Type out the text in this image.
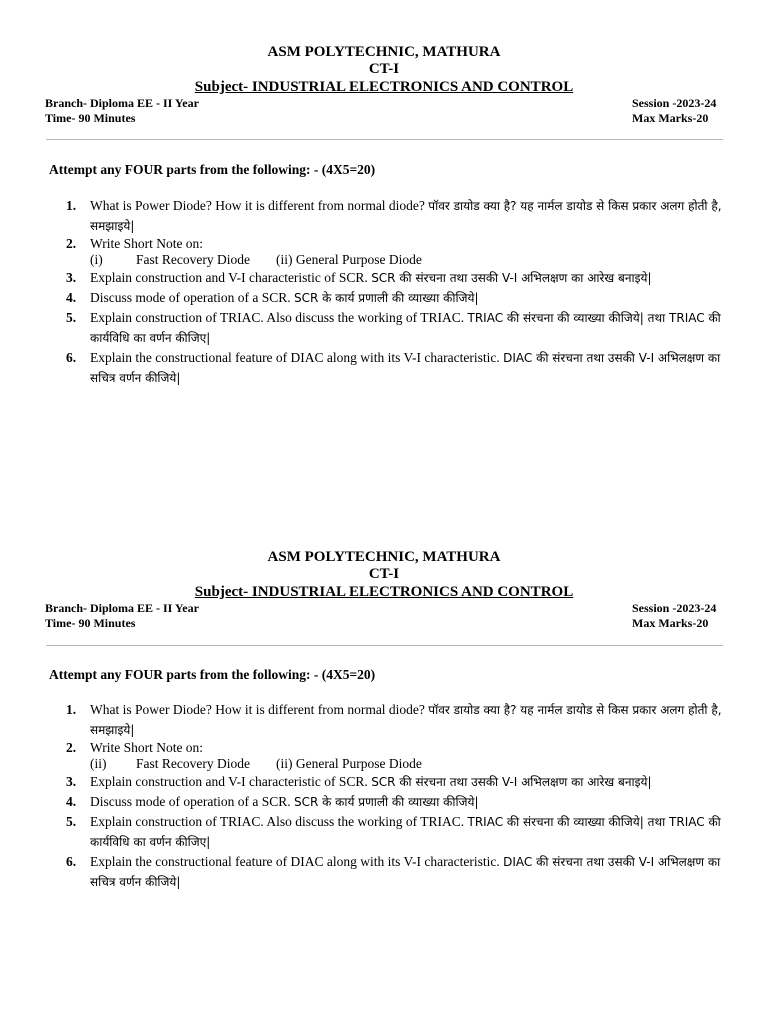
ASM POLYTECHNIC, MATHURA
CT-I
Subject- INDUSTRIAL ELECTRONICS AND CONTROL
Branch- Diploma EE - II Year	Session -2023-24
Time- 90 Minutes	Max Marks-20
Attempt any FOUR parts from the following: - (4X5=20)
1. What is Power Diode? How it is different from normal diode? पॉवर डायोड क्या है? यह नार्मल डायोड से किस प्रकार अलग होती है, समझाइये|
2. Write Short Note on:
(i) Fast Recovery Diode (ii) General Purpose Diode
3. Explain construction and V-I characteristic of SCR. SCR की संरचना तथा उसकी V-I अभिलक्षण का आरेख बनाइये|
4. Discuss mode of operation of a SCR. SCR के कार्य प्रणाली की व्याख्या कीजिये|
5. Explain construction of TRIAC. Also discuss the working of TRIAC. TRIAC की संरचना की व्याख्या कीजिये| तथा TRIAC की कार्यविधि का वर्णन कीजिए|
6. Explain the constructional feature of DIAC along with its V-I characteristic. DIAC की संरचना तथा उसकी V-I अभिलक्षण का सचित्र वर्णन कीजिये|
ASM POLYTECHNIC, MATHURA
CT-I
Subject- INDUSTRIAL ELECTRONICS AND CONTROL
Branch- Diploma EE - II Year	Session -2023-24
Time- 90 Minutes	Max Marks-20
Attempt any FOUR parts from the following: - (4X5=20)
1. What is Power Diode? How it is different from normal diode? पॉवर डायोड क्या है? यह नार्मल डायोड से किस प्रकार अलग होती है, समझाइये|
2. Write Short Note on:
(ii) Fast Recovery Diode (ii) General Purpose Diode
3. Explain construction and V-I characteristic of SCR. SCR की संरचना तथा उसकी V-I अभिलक्षण का आरेख बनाइये|
4. Discuss mode of operation of a SCR. SCR के कार्य प्रणाली की व्याख्या कीजिये|
5. Explain construction of TRIAC. Also discuss the working of TRIAC. TRIAC की संरचना की व्याख्या कीजिये| तथा TRIAC की कार्यविधि का वर्णन कीजिए|
6. Explain the constructional feature of DIAC along with its V-I characteristic. DIAC की संरचना तथा उसकी V-I अभिलक्षण का सचित्र वर्णन कीजिये|
